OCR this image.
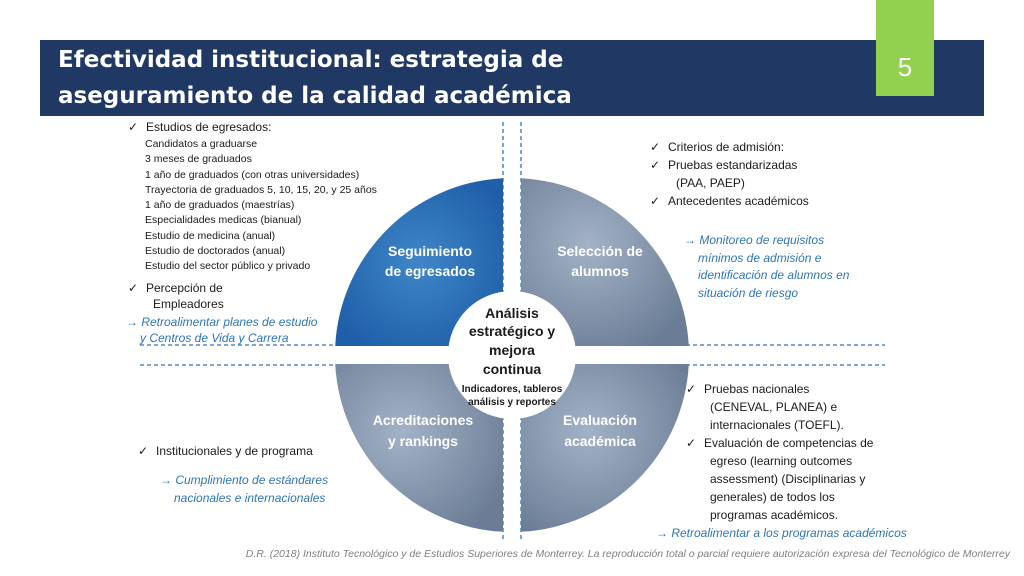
Efectividad institucional: estrategia de
aseguramiento de la calidad académica
5
Seguimiento
de egresados
Selección de
alumnos
Acreditaciones
y rankings
Evaluación
académica
Análisis
estratégico y
mejora
continua
Indicadores, tableros
análisis y reportes
✓ Estudios de egresados:
Candidatos a graduarse
3 meses de graduados
1 año de graduados (con otras universidades)
Trayectoria de graduados 5, 10, 15, 20, y 25 años
1 año de graduados (maestrías)
Especialidades medicas (bianual)
Estudio de medicina (anual)
Estudio de doctorados (anual)
Estudio del sector público y privado
✓ Percepción de
Empleadores
→ Retroalimentar planes de estudio
y Centros de Vida y Carrera
✓ Criterios de admisión:
✓ Pruebas estandarizadas
(PAA, PAEP)
✓ Antecedentes académicos
→ Monitoreo de requisitos
mínimos de admisión e
identificación de alumnos en
situación de riesgo
✓ Institucionales y de programa
→ Cumplimiento de estándares
nacionales e internacionales
✓ Pruebas nacionales
(CENEVAL, PLANEA) e
internacionales (TOEFL).
✓ Evaluación de competencias de
egreso (learning outcomes
assessment) (Disciplinarias y
generales) de todos los
programas académicos.
→ Retroalimentar a los programas académicos
D.R. (2018) Instituto Tecnológico y de Estudios Superiores de Monterrey. La reproducción total o parcial requiere autorización expresa del Tecnológico de Monterrey
